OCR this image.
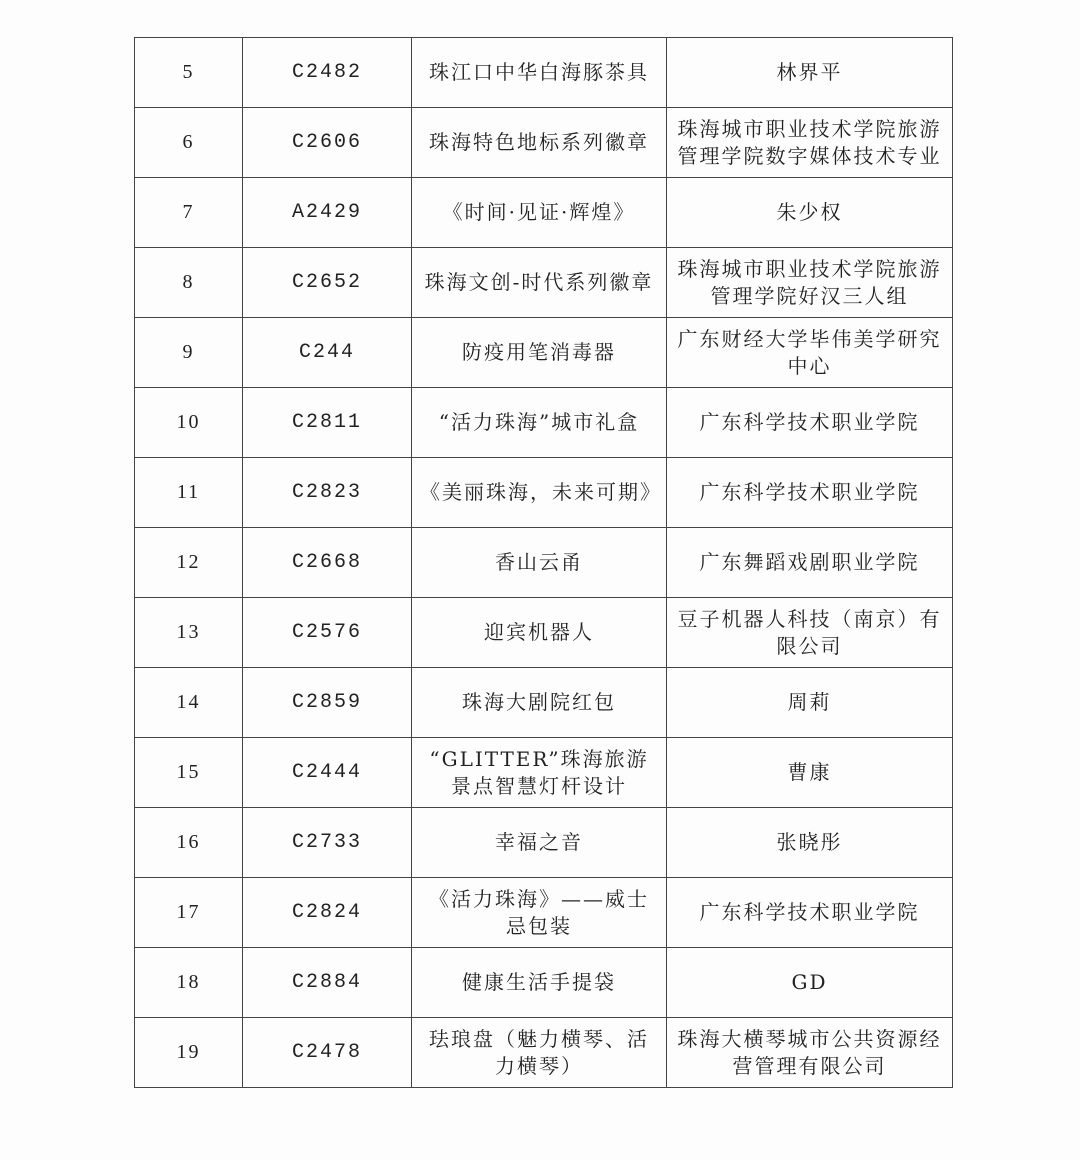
5	C2482	珠江口中华白海豚茶具	林界平
6	C2606	珠海特色地标系列徽章	珠海城市职业技术学院旅游管理学院数字媒体技术专业
7	A2429	《时间·见证·辉煌》	朱少权
8	C2652	珠海文创-时代系列徽章	珠海城市职业技术学院旅游管理学院好汉三人组
9	C244	防疫用笔消毒器	广东财经大学毕伟美学研究中心
10	C2811	“活力珠海”城市礼盒	广东科学技术职业学院
11	C2823	《美丽珠海，未来可期》	广东科学技术职业学院
12	C2668	香山云甬	广东舞蹈戏剧职业学院
13	C2576	迎宾机器人	豆子机器人科技（南京）有限公司
14	C2859	珠海大剧院红包	周莉
15	C2444	“GLITTER”珠海旅游景点智慧灯杆设计	曹康
16	C2733	幸福之音	张晓彤
17	C2824	《活力珠海》——威士忌包装	广东科学技术职业学院
18	C2884	健康生活手提袋	GD
19	C2478	珐琅盘（魅力横琴、活力横琴）	珠海大横琴城市公共资源经营管理有限公司
